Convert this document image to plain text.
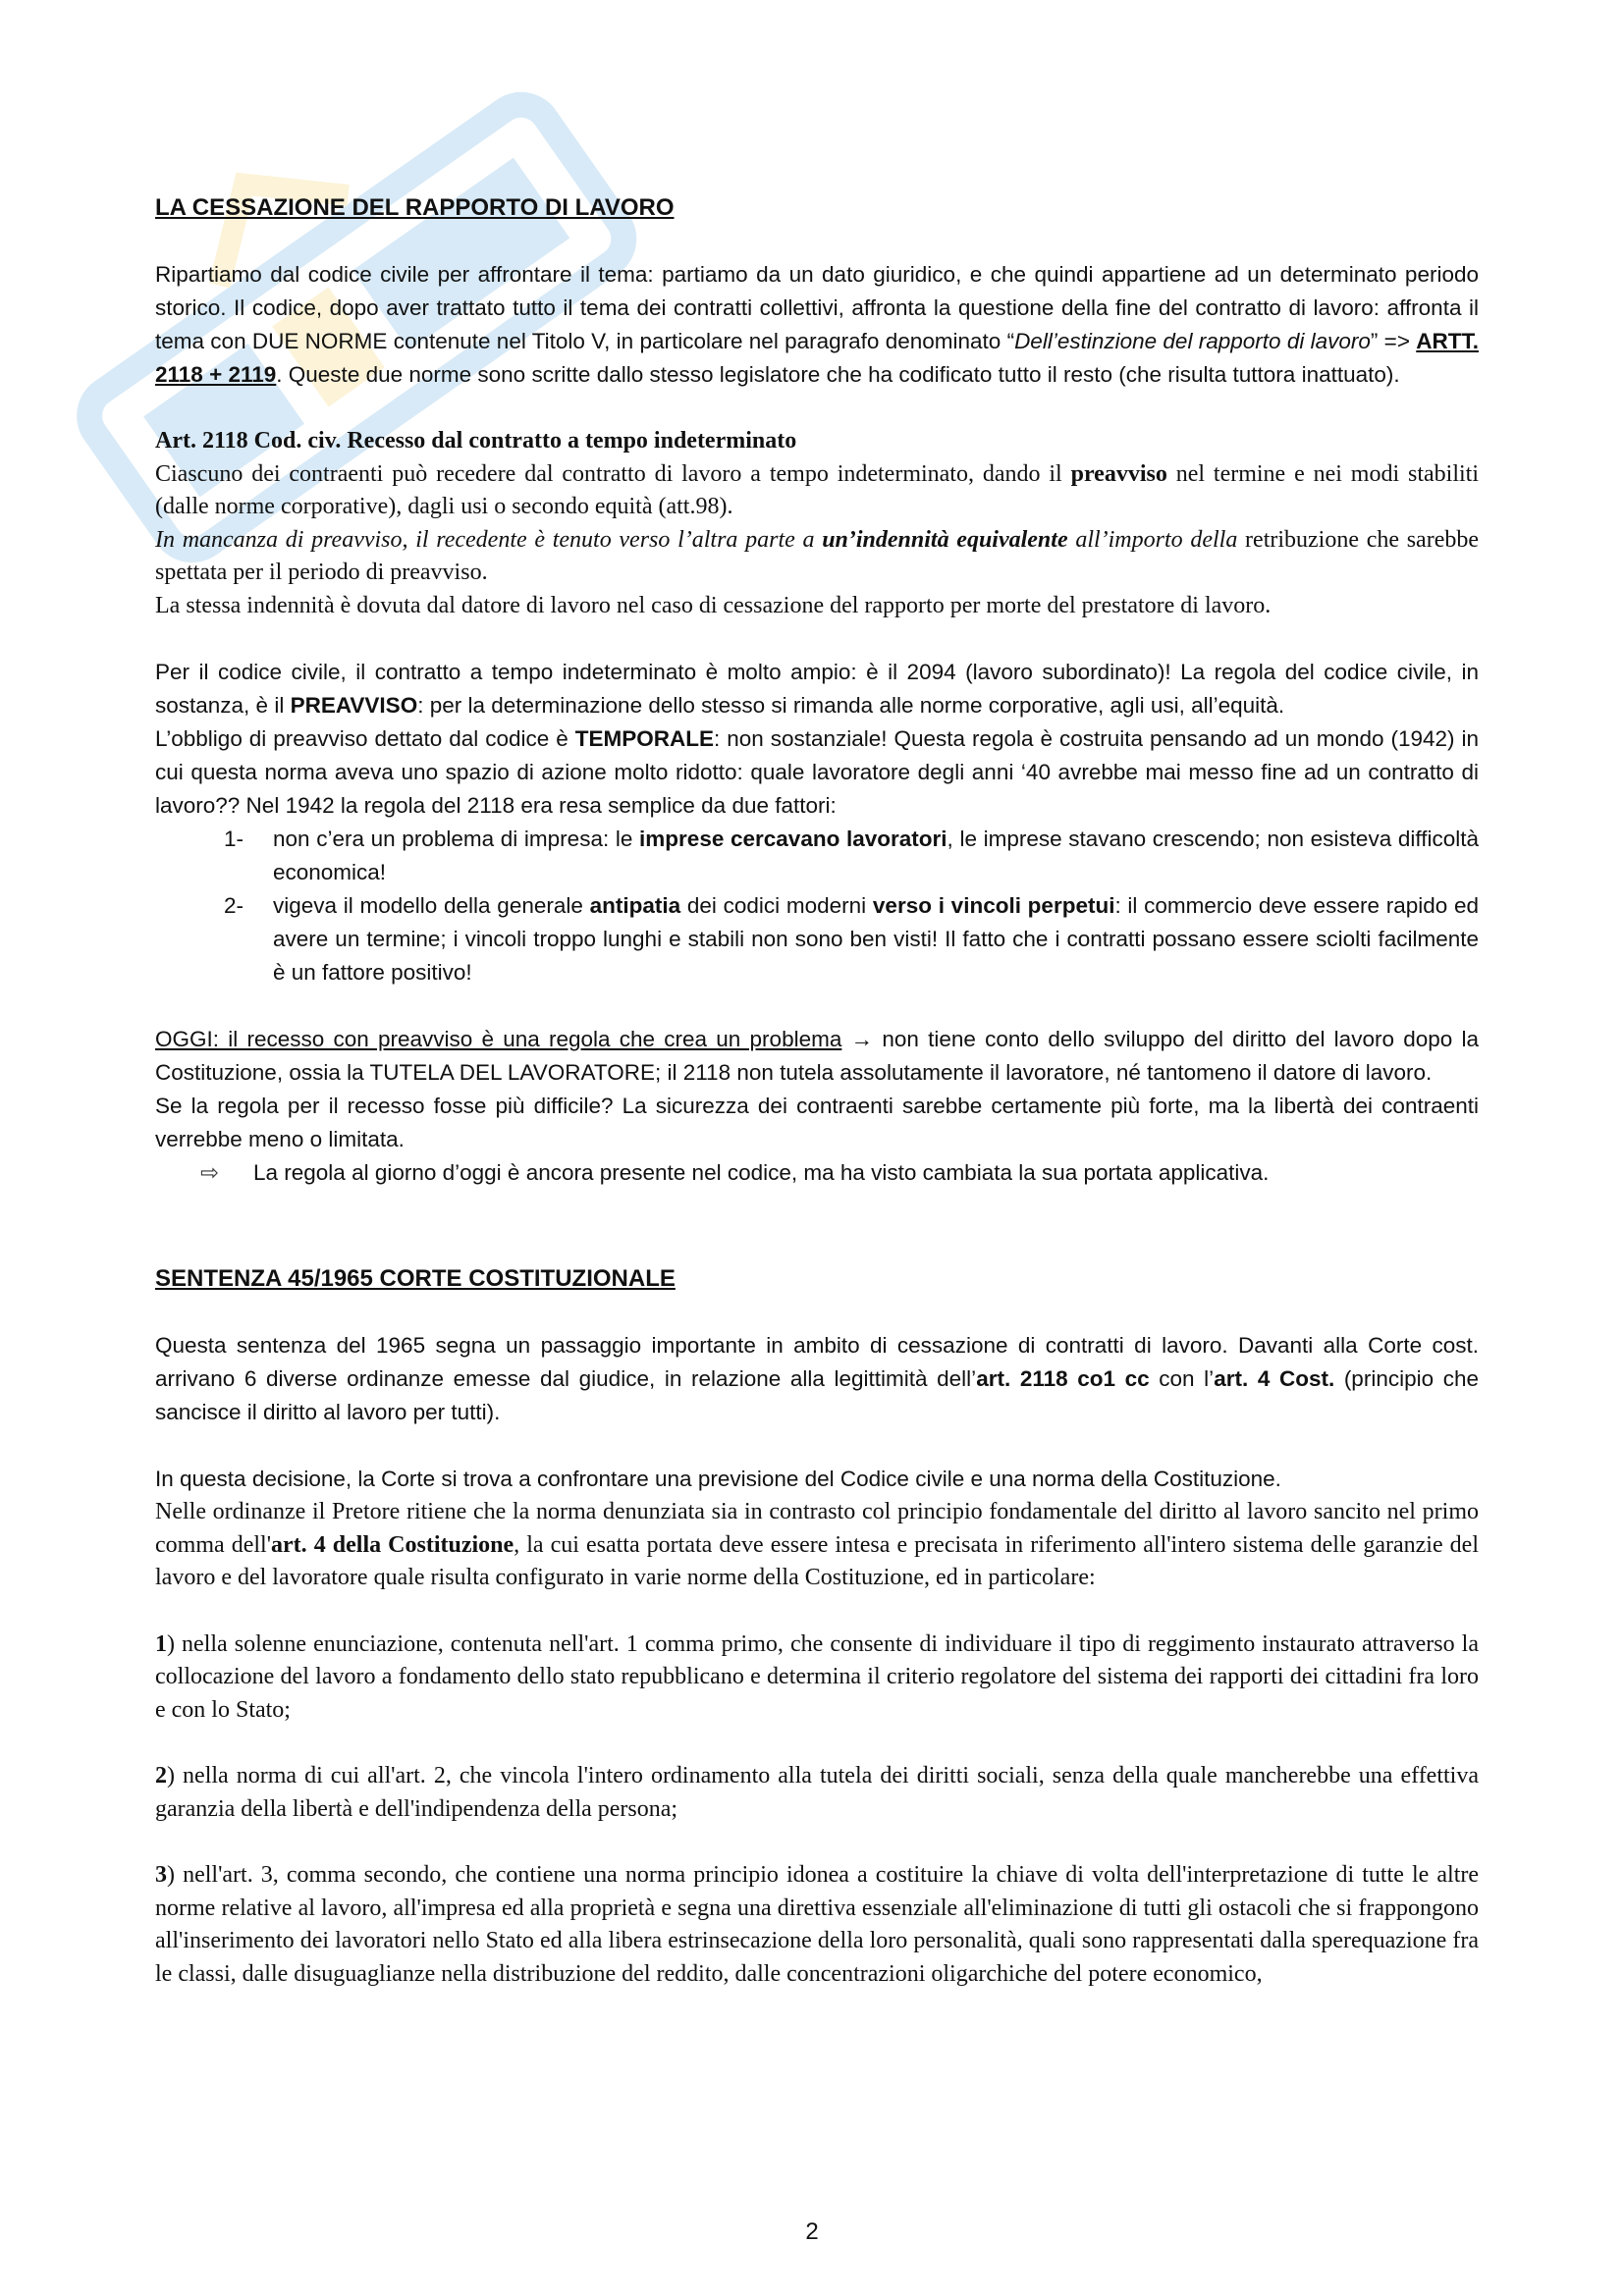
LA CESSAZIONE DEL RAPPORTO DI LAVORO

Ripartiamo dal codice civile per affrontare il tema: partiamo da un dato giuridico, e che quindi appartiene ad un determinato periodo storico. Il codice, dopo aver trattato tutto il tema dei contratti collettivi, affronta la questione della fine del contratto di lavoro: affronta il tema con DUE NORME contenute nel Titolo V, in particolare nel paragrafo denominato “Dell’estinzione del rapporto di lavoro” => ARTT. 2118 + 2119. Queste due norme sono scritte dallo stesso legislatore che ha codificato tutto il resto (che risulta tuttora inattuato).

Art. 2118 Cod. civ. Recesso dal contratto a tempo indeterminato

Ciascuno dei contraenti può recedere dal contratto di lavoro a tempo indeterminato, dando il preavviso nel termine e nei modi stabiliti (dalle norme corporative), dagli usi o secondo equità (att.98).

In mancanza di preavviso, il recedente è tenuto verso l’altra parte a un’indennità equivalente all’importo della retribuzione che sarebbe spettata per il periodo di preavviso.

La stessa indennità è dovuta dal datore di lavoro nel caso di cessazione del rapporto per morte del prestatore di lavoro.

Per il codice civile, il contratto a tempo indeterminato è molto ampio: è il 2094 (lavoro subordinato)! La regola del codice civile, in sostanza, è il PREAVVISO: per la determinazione dello stesso si rimanda alle norme corporative, agli usi, all’equità.

L’obbligo di preavviso dettato dal codice è TEMPORALE: non sostanziale! Questa regola è costruita pensando ad un mondo (1942) in cui questa norma aveva uno spazio di azione molto ridotto: quale lavoratore degli anni ‘40 avrebbe mai messo fine ad un contratto di lavoro?? Nel 1942 la regola del 2118 era resa semplice da due fattori:

1- non c’era un problema di impresa: le imprese cercavano lavoratori, le imprese stavano crescendo; non esisteva difficoltà economica!
2- vigeva il modello della generale antipatia dei codici moderni verso i vincoli perpetui: il commercio deve essere rapido ed avere un termine; i vincoli troppo lunghi e stabili non sono ben visti! Il fatto che i contratti possano essere sciolti facilmente è un fattore positivo!

OGGI: il recesso con preavviso è una regola che crea un problema → non tiene conto dello sviluppo del diritto del lavoro dopo la Costituzione, ossia la TUTELA DEL LAVORATORE; il 2118 non tutela assolutamente il lavoratore, né tantomeno il datore di lavoro.

Se la regola per il recesso fosse più difficile? La sicurezza dei contraenti sarebbe certamente più forte, ma la libertà dei contraenti verrebbe meno o limitata.

⇨ La regola al giorno d’oggi è ancora presente nel codice, ma ha visto cambiata la sua portata applicativa.

SENTENZA 45/1965 CORTE COSTITUZIONALE

Questa sentenza del 1965 segna un passaggio importante in ambito di cessazione di contratti di lavoro. Davanti alla Corte cost. arrivano 6 diverse ordinanze emesse dal giudice, in relazione alla legittimità dell’art. 2118 co1 cc con l’art. 4 Cost. (principio che sancisce il diritto al lavoro per tutti).

In questa decisione, la Corte si trova a confrontare una previsione del Codice civile e una norma della Costituzione.

Nelle ordinanze il Pretore ritiene che la norma denunziata sia in contrasto col principio fondamentale del diritto al lavoro sancito nel primo comma dell'art. 4 della Costituzione, la cui esatta portata deve essere intesa e precisata in riferimento all'intero sistema delle garanzie del lavoro e del lavoratore quale risulta configurato in varie norme della Costituzione, ed in particolare:

1) nella solenne enunciazione, contenuta nell'art. 1 comma primo, che consente di individuare il tipo di reggimento instaurato attraverso la collocazione del lavoro a fondamento dello stato repubblicano e determina il criterio regolatore del sistema dei rapporti dei cittadini fra loro e con lo Stato;

2) nella norma di cui all'art. 2, che vincola l'intero ordinamento alla tutela dei diritti sociali, senza della quale mancherebbe una effettiva garanzia della libertà e dell'indipendenza della persona;

3) nell'art. 3, comma secondo, che contiene una norma principio idonea a costituire la chiave di volta dell'interpretazione di tutte le altre norme relative al lavoro, all'impresa ed alla proprietà e segna una direttiva essenziale all'eliminazione di tutti gli ostacoli che si frappongono all'inserimento dei lavoratori nello Stato ed alla libera estrinsecazione della loro personalità, quali sono rappresentati dalla sperequazione fra le classi, dalle disuguaglianze nella distribuzione del reddito, dalle concentrazioni oligarchiche del potere economico,

2
